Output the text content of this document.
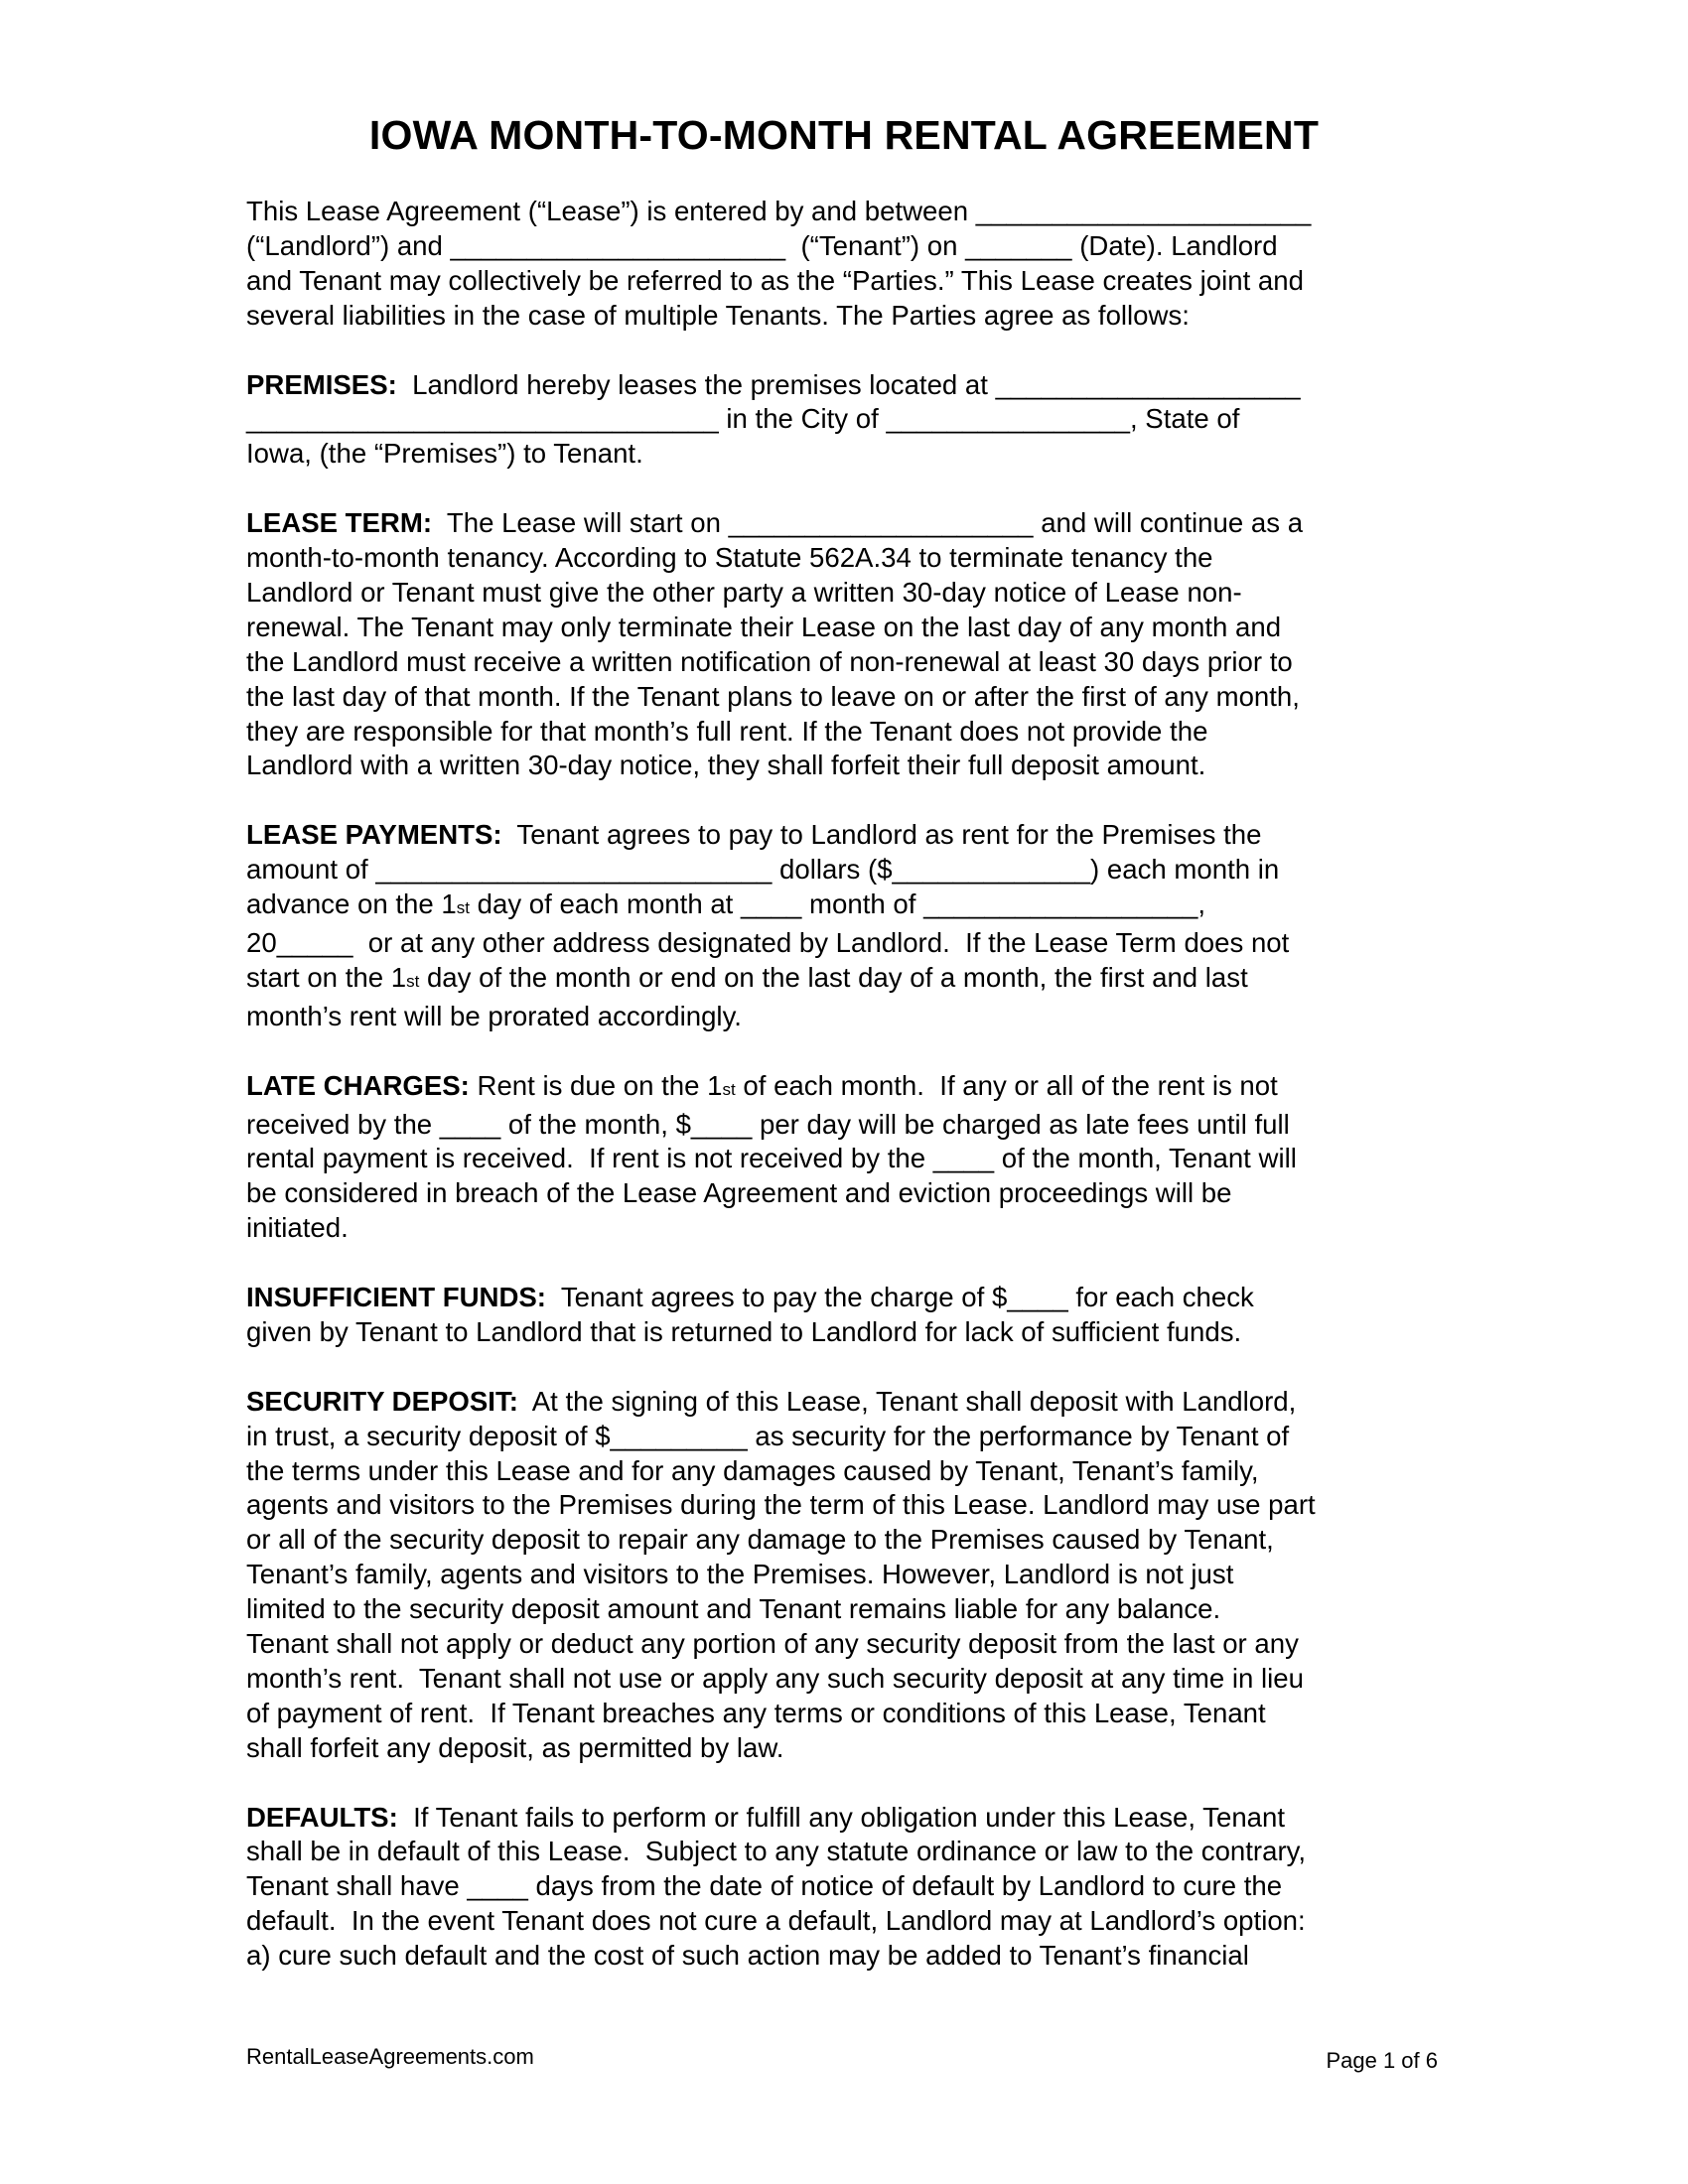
IOWA MONTH-TO-MONTH RENTAL AGREEMENT

This Lease Agreement (“Lease”) is entered by and between ______________________
(“Landlord”) and ______________________  (“Tenant”) on _______ (Date). Landlord
and Tenant may collectively be referred to as the “Parties.” This Lease creates joint and
several liabilities in the case of multiple Tenants. The Parties agree as follows:

PREMISES:  Landlord hereby leases the premises located at ____________________
_______________________________ in the City of ________________, State of
Iowa, (the “Premises”) to Tenant.

LEASE TERM:  The Lease will start on ____________________ and will continue as a
month-to-month tenancy. According to Statute 562A.34 to terminate tenancy the
Landlord or Tenant must give the other party a written 30-day notice of Lease non-
renewal. The Tenant may only terminate their Lease on the last day of any month and
the Landlord must receive a written notification of non-renewal at least 30 days prior to
the last day of that month. If the Tenant plans to leave on or after the first of any month,
they are responsible for that month’s full rent. If the Tenant does not provide the
Landlord with a written 30-day notice, they shall forfeit their full deposit amount.

LEASE PAYMENTS:  Tenant agrees to pay to Landlord as rent for the Premises the
amount of __________________________ dollars ($_____________) each month in
advance on the 1st day of each month at ____ month of __________________,
20_____  or at any other address designated by Landlord.  If the Lease Term does not
start on the 1st day of the month or end on the last day of a month, the first and last
month’s rent will be prorated accordingly.

LATE CHARGES: Rent is due on the 1st of each month.  If any or all of the rent is not
received by the ____ of the month, $____ per day will be charged as late fees until full
rental payment is received.  If rent is not received by the ____ of the month, Tenant will
be considered in breach of the Lease Agreement and eviction proceedings will be
initiated.

INSUFFICIENT FUNDS:  Tenant agrees to pay the charge of $____ for each check
given by Tenant to Landlord that is returned to Landlord for lack of sufficient funds.

SECURITY DEPOSIT:  At the signing of this Lease, Tenant shall deposit with Landlord,
in trust, a security deposit of $_________ as security for the performance by Tenant of
the terms under this Lease and for any damages caused by Tenant, Tenant’s family,
agents and visitors to the Premises during the term of this Lease. Landlord may use part
or all of the security deposit to repair any damage to the Premises caused by Tenant,
Tenant’s family, agents and visitors to the Premises. However, Landlord is not just
limited to the security deposit amount and Tenant remains liable for any balance.
Tenant shall not apply or deduct any portion of any security deposit from the last or any
month’s rent.  Tenant shall not use or apply any such security deposit at any time in lieu
of payment of rent.  If Tenant breaches any terms or conditions of this Lease, Tenant
shall forfeit any deposit, as permitted by law.

DEFAULTS:  If Tenant fails to perform or fulfill any obligation under this Lease, Tenant
shall be in default of this Lease.  Subject to any statute ordinance or law to the contrary,
Tenant shall have ____ days from the date of notice of default by Landlord to cure the
default.  In the event Tenant does not cure a default, Landlord may at Landlord’s option:
a) cure such default and the cost of such action may be added to Tenant’s financial

RentalLeaseAgreements.com	Page 1 of 6
